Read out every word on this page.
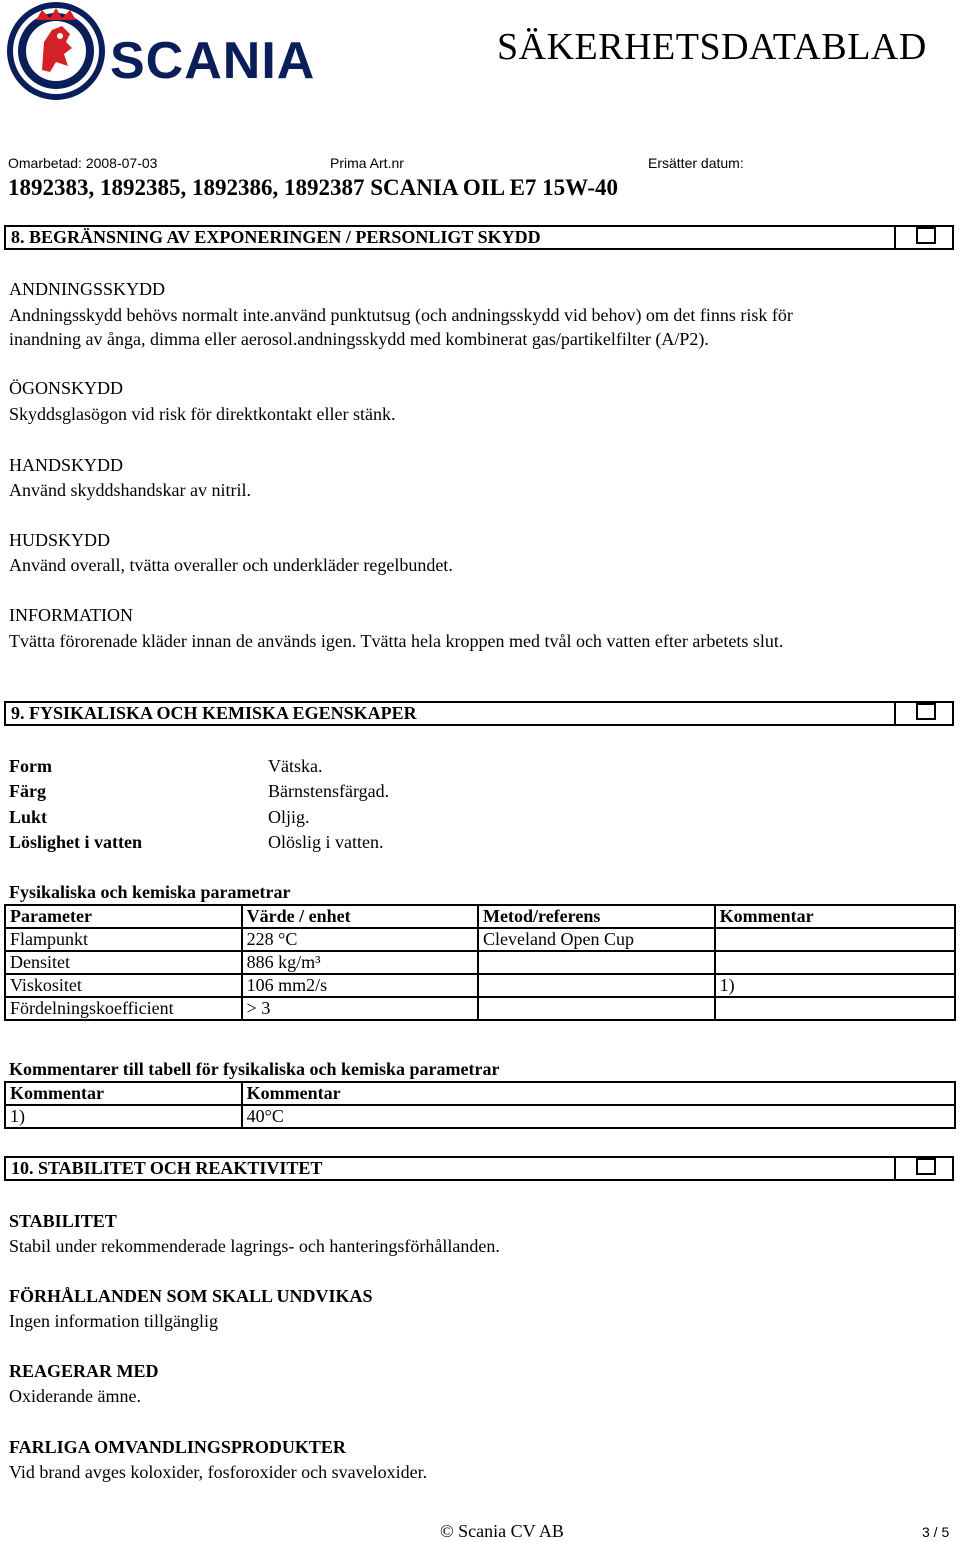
SCANIA	SÄKERHETSDATABLAD
Omarbetad: 2008-07-03	Prima Art.nr	Ersätter datum:
1892383, 1892385, 1892386, 1892387 SCANIA OIL E7 15W-40
8. BEGRÄNSNING AV EXPONERINGEN / PERSONLIGT SKYDD
ANDNINGSSKYDD
Andningsskydd behövs normalt inte.använd punktutsug (och andningsskydd vid behov) om det finns risk för
inandning av ånga, dimma eller aerosol.andningsskydd med kombinerat gas/partikelfilter (A/P2).
ÖGONSKYDD
Skyddsglasögon vid risk för direktkontakt eller stänk.
HANDSKYDD
Använd skyddshandskar av nitril.
HUDSKYDD
Använd overall, tvätta overaller och underkläder regelbundet.
INFORMATION
Tvätta förorenade kläder innan de används igen. Tvätta hela kroppen med tvål och vatten efter arbetets slut.
9. FYSIKALISKA OCH KEMISKA EGENSKAPER
Form	Vätska.
Färg	Bärnstensfärgad.
Lukt	Oljig.
Löslighet i vatten	Olöslig i vatten.
Fysikaliska och kemiska parametrar
Parameter	Värde / enhet	Metod/referens	Kommentar
Flampunkt	228 °C	Cleveland Open Cup	
Densitet	886 kg/m³		
Viskositet	106 mm2/s		1)
Fördelningskoefficient	> 3		
Kommentarer till tabell för fysikaliska och kemiska parametrar
Kommentar	Kommentar
1)	40°C
10. STABILITET OCH REAKTIVITET
STABILITET
Stabil under rekommenderade lagrings- och hanteringsförhållanden.
FÖRHÅLLANDEN SOM SKALL UNDVIKAS
Ingen information tillgänglig
REAGERAR MED
Oxiderande ämne.
FARLIGA OMVANDLINGSPRODUKTER
Vid brand avges koloxider, fosforoxider och svaveloxider.
© Scania CV AB	3 / 5
